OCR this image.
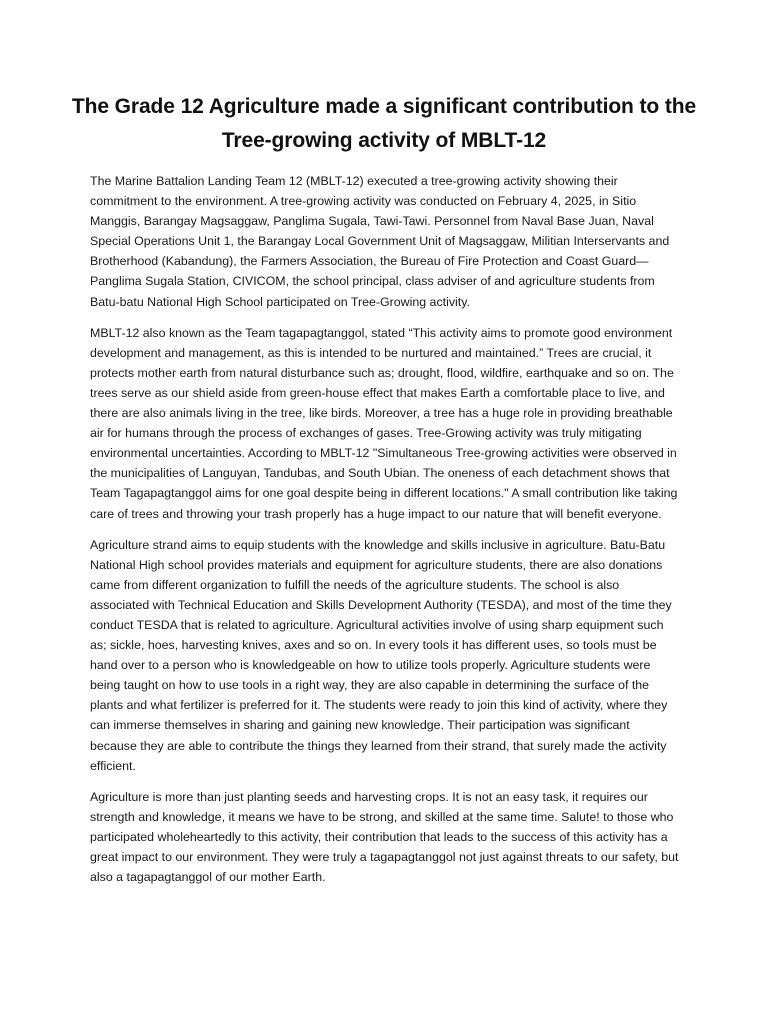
The Grade 12 Agriculture made a significant contribution to the Tree-growing activity of MBLT-12

The Marine Battalion Landing Team 12 (MBLT-12) executed a tree-growing activity showing their commitment to the environment. A tree-growing activity was conducted on February 4, 2025, in Sitio Manggis, Barangay Magsaggaw, Panglima Sugala, Tawi-Tawi. Personnel from Naval Base Juan, Naval Special Operations Unit 1, the Barangay Local Government Unit of Magsaggaw, Militian Interservants and Brotherhood (Kabandung), the Farmers Association, the Bureau of Fire Protection and Coast Guard—Panglima Sugala Station, CIVICOM, the school principal, class adviser of and agriculture students from Batu-batu National High School participated on Tree-Growing activity.

MBLT-12 also known as the Team tagapagtanggol, stated “This activity aims to promote good environment development and management, as this is intended to be nurtured and maintained.” Trees are crucial, it protects mother earth from natural disturbance such as; drought, flood, wildfire, earthquake and so on. The trees serve as our shield aside from green-house effect that makes Earth a comfortable place to live, and there are also animals living in the tree, like birds. Moreover, a tree has a huge role in providing breathable air for humans through the process of exchanges of gases. Tree-Growing activity was truly mitigating environmental uncertainties. According to MBLT-12 "Simultaneous Tree-growing activities were observed in the municipalities of Languyan, Tandubas, and South Ubian. The oneness of each detachment shows that Team Tagapagtanggol aims for one goal despite being in different locations." A small contribution like taking care of trees and throwing your trash properly has a huge impact to our nature that will benefit everyone.

Agriculture strand aims to equip students with the knowledge and skills inclusive in agriculture. Batu-Batu National High school provides materials and equipment for agriculture students, there are also donations came from different organization to fulfill the needs of the agriculture students. The school is also associated with Technical Education and Skills Development Authority (TESDA), and most of the time they conduct TESDA that is related to agriculture. Agricultural activities involve of using sharp equipment such as; sickle, hoes, harvesting knives, axes and so on. In every tools it has different uses, so tools must be hand over to a person who is knowledgeable on how to utilize tools properly. Agriculture students were being taught on how to use tools in a right way, they are also capable in determining the surface of the plants and what fertilizer is preferred for it. The students were ready to join this kind of activity, where they can immerse themselves in sharing and gaining new knowledge. Their participation was significant because they are able to contribute the things they learned from their strand, that surely made the activity efficient.

Agriculture is more than just planting seeds and harvesting crops. It is not an easy task, it requires our strength and knowledge, it means we have to be strong, and skilled at the same time. Salute! to those who participated wholeheartedly to this activity, their contribution that leads to the success of this activity has a great impact to our environment. They were truly a tagapagtanggol not just against threats to our safety, but also a tagapagtanggol of our mother Earth.
